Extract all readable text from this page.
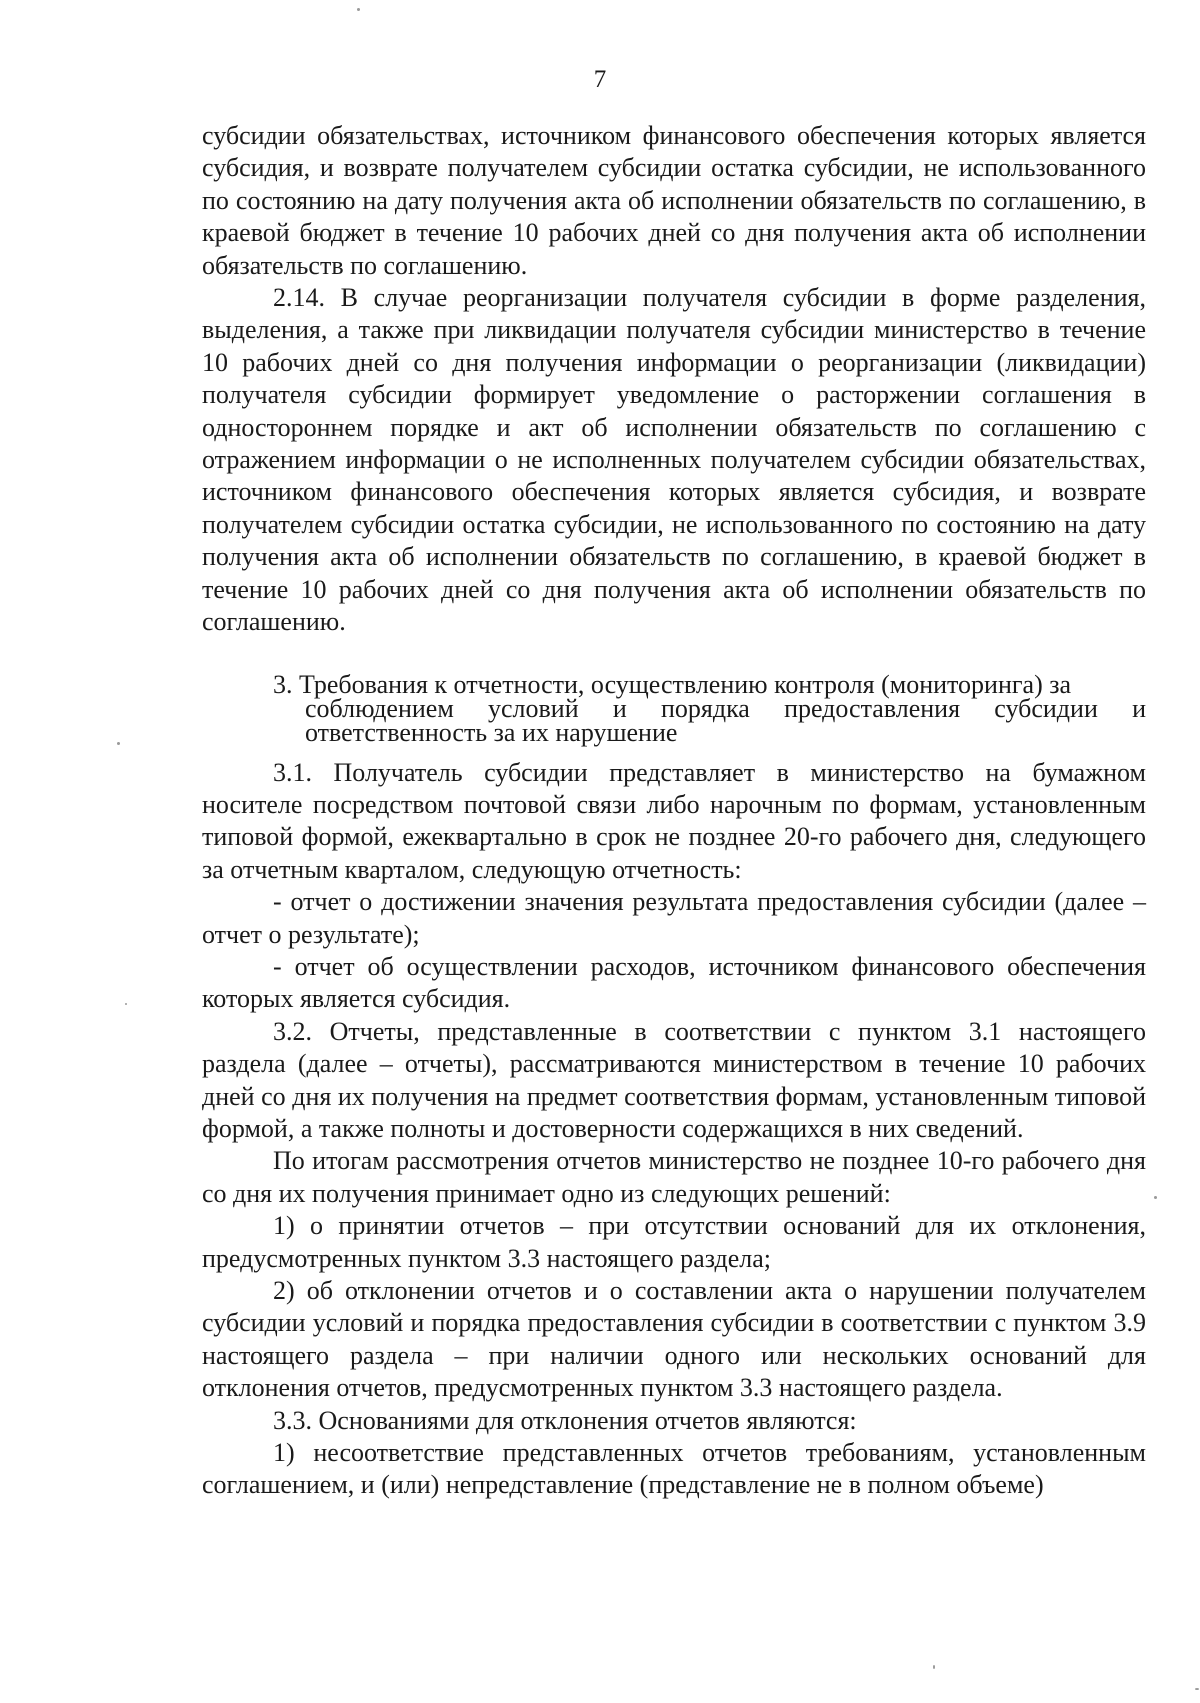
7

субсидии обязательствах, источником финансового обеспечения которых является субсидия, и возврате получателем субсидии остатка субсидии, не использованного по состоянию на дату получения акта об исполнении обязательств по соглашению, в краевой бюджет в течение 10 рабочих дней со дня получения акта об исполнении обязательств по соглашению.

2.14. В случае реорганизации получателя субсидии в форме разделения, выделения, а также при ликвидации получателя субсидии министерство в течение 10 рабочих дней со дня получения информации о реорганизации (ликвидации) получателя субсидии формирует уведомление о расторжении соглашения в одностороннем порядке и акт об исполнении обязательств по соглашению с отражением информации о не исполненных получателем субсидии обязательствах, источником финансового обеспечения которых является субсидия, и возврате получателем субсидии остатка субсидии, не использованного по состоянию на дату получения акта об исполнении обязательств по соглашению, в краевой бюджет в течение 10 рабочих дней со дня получения акта об исполнении обязательств по соглашению.

3. Требования к отчетности, осуществлению контроля (мониторинга) за
соблюдением условий и порядка предоставления субсидии и ответственность за их нарушение

3.1. Получатель субсидии представляет в министерство на бумажном носителе посредством почтовой связи либо нарочным по формам, установленным типовой формой, ежеквартально в срок не позднее 20-го рабочего дня, следующего за отчетным кварталом, следующую отчетность:

- отчет о достижении значения результата предоставления субсидии (далее – отчет о результате);

- отчет об осуществлении расходов, источником финансового обеспечения которых является субсидия.

3.2. Отчеты, представленные в соответствии с пунктом 3.1 настоящего раздела (далее – отчеты), рассматриваются министерством в течение 10 рабочих дней со дня их получения на предмет соответствия формам, установленным типовой формой, а также полноты и достоверности содержащихся в них сведений.

По итогам рассмотрения отчетов министерство не позднее 10-го рабочего дня со дня их получения принимает одно из следующих решений:

1) о принятии отчетов – при отсутствии оснований для их отклонения, предусмотренных пунктом 3.3 настоящего раздела;

2) об отклонении отчетов и о составлении акта о нарушении получателем субсидии условий и порядка предоставления субсидии в соответствии с пунктом 3.9 настоящего раздела – при наличии одного или нескольких оснований для отклонения отчетов, предусмотренных пунктом 3.3 настоящего раздела.

3.3. Основаниями для отклонения отчетов являются:

1) несоответствие представленных отчетов требованиям, установленным соглашением, и (или) непредставление (представление не в полном объеме)
